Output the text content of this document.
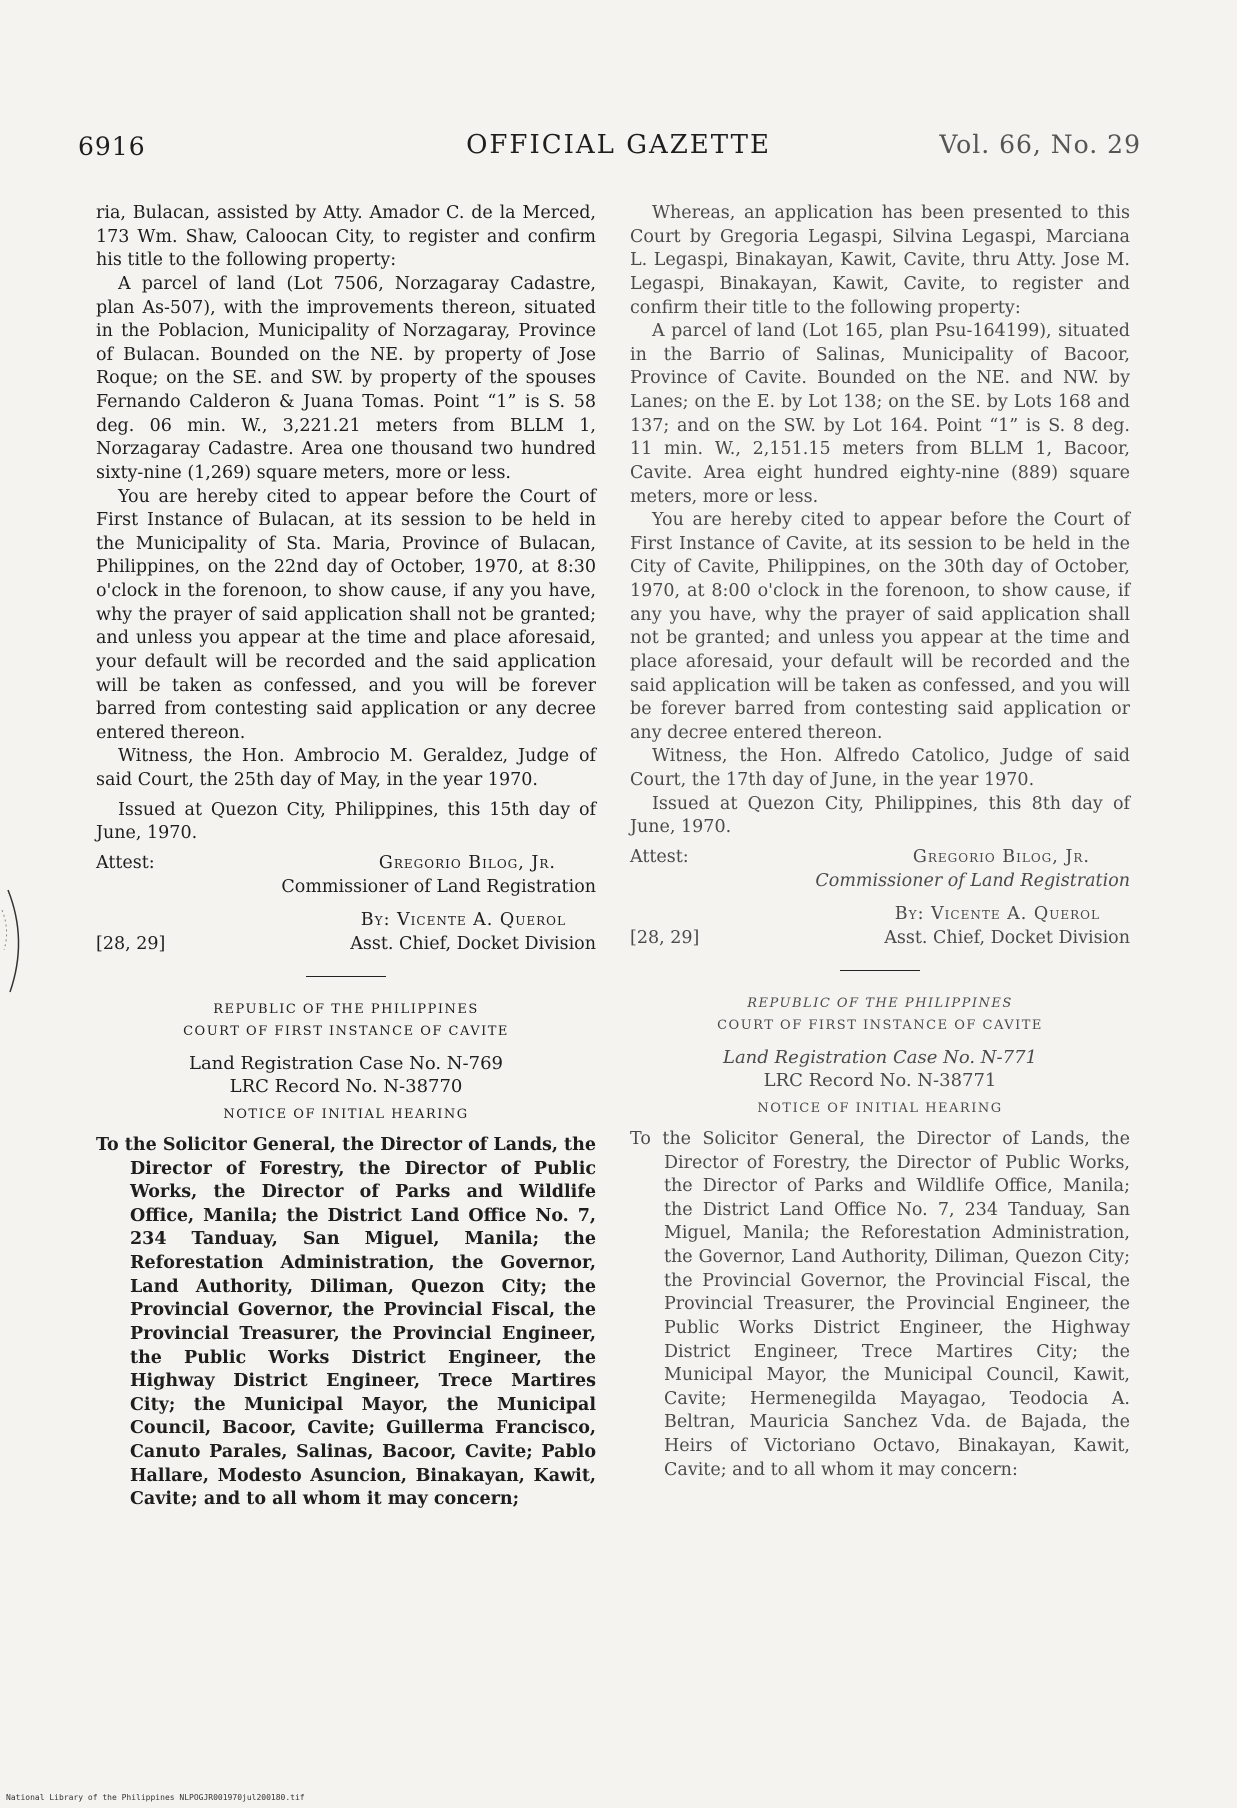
6916	OFFICIAL GAZETTE	Vol. 66, No. 29

ria, Bulacan, assisted by Atty. Amador C. de la Merced, 173 Wm. Shaw, Caloocan City, to register and confirm his title to the following property:

A parcel of land (Lot 7506, Norzagaray Cadastre, plan As-507), with the improvements thereon, situated in the Poblacion, Municipality of Norzagaray, Province of Bulacan. Bounded on the NE. by property of Jose Roque; on the SE. and SW. by property of the spouses Fernando Calderon & Juana Tomas. Point “1” is S. 58 deg. 06 min. W., 3,221.21 meters from BLLM 1, Norzagaray Cadastre. Area one thousand two hundred sixty-nine (1,269) square meters, more or less.

You are hereby cited to appear before the Court of First Instance of Bulacan, at its session to be held in the Municipality of Sta. Maria, Province of Bulacan, Philippines, on the 22nd day of October, 1970, at 8:30 o'clock in the forenoon, to show cause, if any you have, why the prayer of said application shall not be granted; and unless you appear at the time and place aforesaid, your default will be recorded and the said application will be taken as confessed, and you will be forever barred from contesting said application or any decree entered thereon.

Witness, the Hon. Ambrocio M. Geraldez, Judge of said Court, the 25th day of May, in the year 1970.

Issued at Quezon City, Philippines, this 15th day of June, 1970.

Attest:	Gregorio Bilog, Jr.
Commissioner of Land Registration
By: Vicente A. Querol
[28, 29]	Asst. Chief, Docket Division
REPUBLIC OF THE PHILIPPINES
COURT OF FIRST INSTANCE OF CAVITE
Land Registration Case No. N-769
LRC Record No. N-38770
NOTICE OF INITIAL HEARING

To the Solicitor General, the Director of Lands, the Director of Forestry, the Director of Public Works, the Director of Parks and Wildlife Office, Manila; the District Land Office No. 7, 234 Tanduay, San Miguel, Manila; the Reforestation Administration, the Governor, Land Authority, Diliman, Quezon City; the Provincial Governor, the Provincial Fiscal, the Provincial Treasurer, the Provincial Engineer, the Public Works District Engineer, the Highway District Engineer, Trece Martires City; the Municipal Mayor, the Municipal Council, Bacoor, Cavite; Guillerma Francisco, Canuto Parales, Salinas, Bacoor, Cavite; Pablo Hallare, Modesto Asuncion, Binakayan, Kawit, Cavite; and to all whom it may concern;

Whereas, an application has been presented to this Court by Gregoria Legaspi, Silvina Legaspi, Marciana L. Legaspi, Binakayan, Kawit, Cavite, thru Atty. Jose M. Legaspi, Binakayan, Kawit, Cavite, to register and confirm their title to the following property:

A parcel of land (Lot 165, plan Psu-164199), situated in the Barrio of Salinas, Municipality of Bacoor, Province of Cavite. Bounded on the NE. and NW. by Lanes; on the E. by Lot 138; on the SE. by Lots 168 and 137; and on the SW. by Lot 164. Point “1” is S. 8 deg. 11 min. W., 2,151.15 meters from BLLM 1, Bacoor, Cavite. Area eight hundred eighty-nine (889) square meters, more or less.

You are hereby cited to appear before the Court of First Instance of Cavite, at its session to be held in the City of Cavite, Philippines, on the 30th day of October, 1970, at 8:00 o'clock in the forenoon, to show cause, if any you have, why the prayer of said application shall not be granted; and unless you appear at the time and place aforesaid, your default will be recorded and the said application will be taken as confessed, and you will be forever barred from contesting said application or any decree entered thereon.

Witness, the Hon. Alfredo Catolico, Judge of said Court, the 17th day of June, in the year 1970.

Issued at Quezon City, Philippines, this 8th day of June, 1970.

Attest:	Gregorio Bilog, Jr.
Commissioner of Land Registration
By: Vicente A. Querol
[28, 29]	Asst. Chief, Docket Division
REPUBLIC OF THE PHILIPPINES
COURT OF FIRST INSTANCE OF CAVITE
Land Registration Case No. N-771
LRC Record No. N-38771
NOTICE OF INITIAL HEARING

To the Solicitor General, the Director of Lands, the Director of Forestry, the Director of Public Works, the Director of Parks and Wildlife Office, Manila; the District Land Office No. 7, 234 Tanduay, San Miguel, Manila; the Reforestation Administration, the Governor, Land Authority, Diliman, Quezon City; the Provincial Governor, the Provincial Fiscal, the Provincial Treasurer, the Provincial Engineer, the Public Works District Engineer, the Highway District Engineer, Trece Martires City; the Municipal Mayor, the Municipal Council, Kawit, Cavite; Hermenegilda Mayagao, Teodocia A. Beltran, Mauricia Sanchez Vda. de Bajada, the Heirs of Victoriano Octavo, Binakayan, Kawit, Cavite; and to all whom it may concern:

National Library of the Philippines NLPOGJR001970jul200180.tif
